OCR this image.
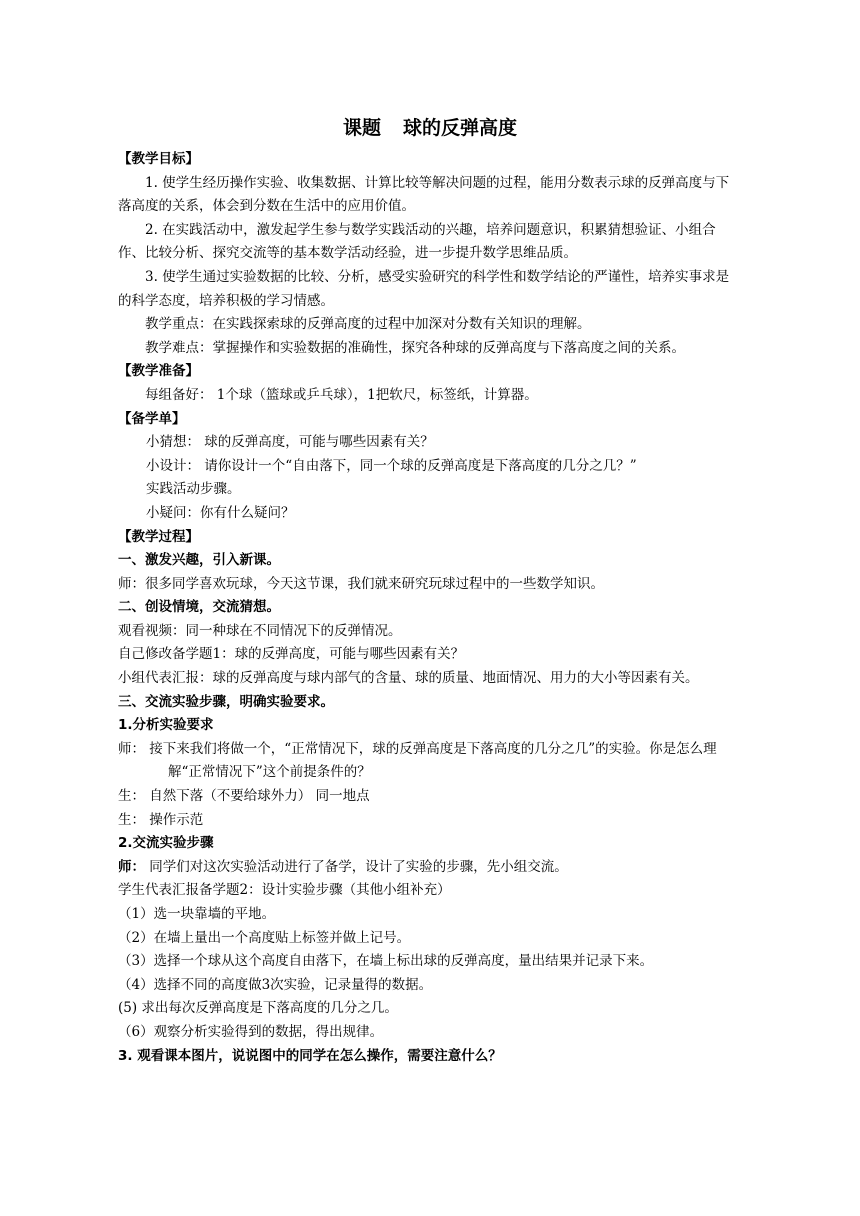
课题 球的反弹高度

【教学目标】

1. 使学生经历操作实验、收集数据、计算比较等解决问题的过程，能用分数表示球的反弹高度与下落高度的关系，体会到分数在生活中的应用价值。

2. 在实践活动中，激发起学生参与数学实践活动的兴趣，培养问题意识，积累猜想验证、小组合作、比较分析、探究交流等的基本数学活动经验，进一步提升数学思维品质。

3. 使学生通过实验数据的比较、分析，感受实验研究的科学性和数学结论的严谨性，培养实事求是的科学态度，培养积极的学习情感。

教学重点：在实践探索球的反弹高度的过程中加深对分数有关知识的理解。

教学难点：掌握操作和实验数据的准确性，探究各种球的反弹高度与下落高度之间的关系。

【教学准备】

每组备好： 1个球（篮球或乒乓球），1把软尺，标签纸，计算器。

【备学单】

小猜想： 球的反弹高度，可能与哪些因素有关？

小设计： 请你设计一个“自由落下，同一个球的反弹高度是下落高度的几分之几？”

实践活动步骤。

小疑问：你有什么疑问？

【教学过程】

一、激发兴趣，引入新课。

师：很多同学喜欢玩球，今天这节课，我们就来研究玩球过程中的一些数学知识。

二、创设情境，交流猜想。

观看视频：同一种球在不同情况下的反弹情况。

自己修改备学题1：球的反弹高度，可能与哪些因素有关？

小组代表汇报：球的反弹高度与球内部气的含量、球的质量、地面情况、用力的大小等因素有关。

三、交流实验步骤，明确实验要求。

1.分析实验要求

师： 接下来我们将做一个，“正常情况下，球的反弹高度是下落高度的几分之几”的实验。你是怎么理解“正常情况下”这个前提条件的？

生： 自然下落（不要给球外力） 同一地点

生： 操作示范

2.交流实验步骤

师： 同学们对这次实验活动进行了备学，设计了实验的步骤，先小组交流。

学生代表汇报备学题2：设计实验步骤（其他小组补充）

（1）选一块靠墙的平地。

（2）在墙上量出一个高度贴上标签并做上记号。

（3）选择一个球从这个高度自由落下，在墙上标出球的反弹高度，量出结果并记录下来。

（4）选择不同的高度做3次实验，记录量得的数据。

(5) 求出每次反弹高度是下落高度的几分之几。

（6）观察分析实验得到的数据，得出规律。

3. 观看课本图片，说说图中的同学在怎么操作，需要注意什么？
